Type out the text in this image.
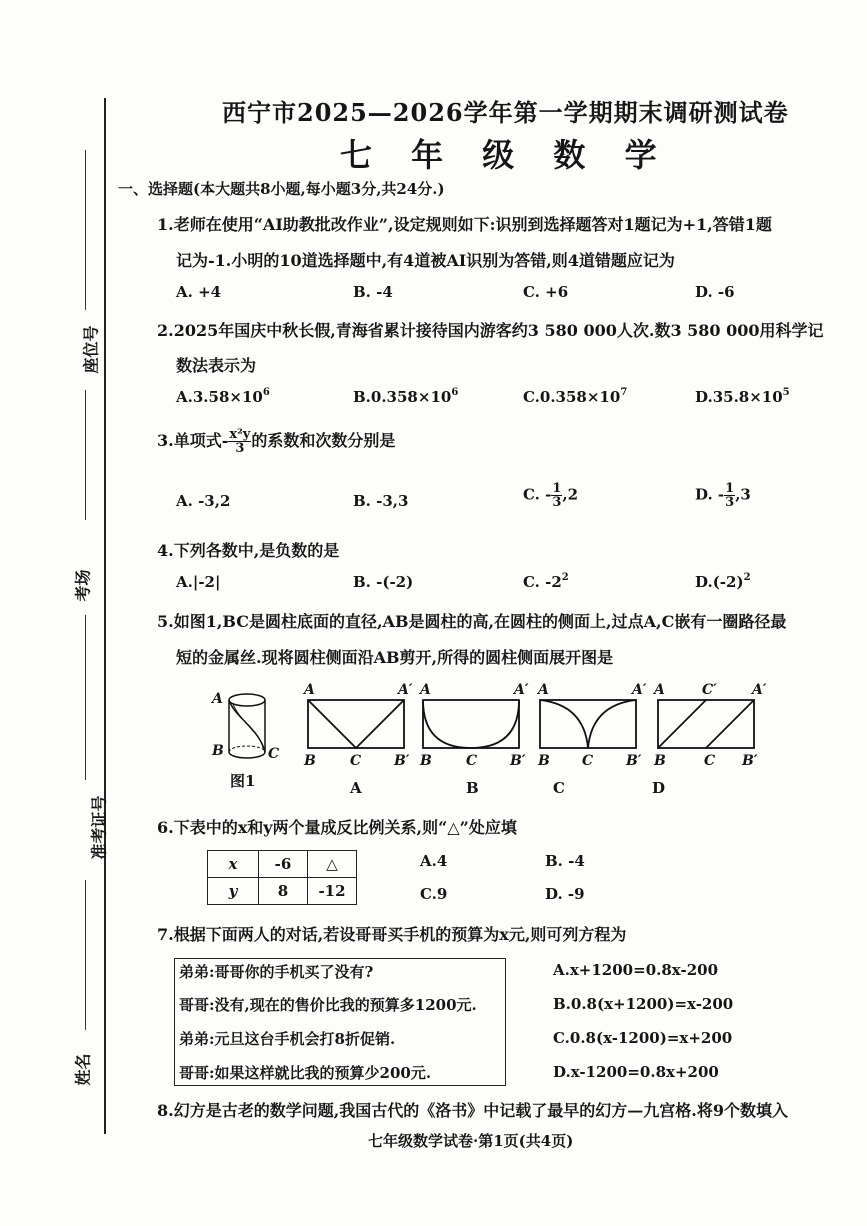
座位号
考场
准考证号
姓名
西宁市2025—2026学年第一学期期末调研测试卷
七 年 级 数 学
一、选择题(本大题共8小题,每小题3分,共24分.)
1.老师在使用“AI助教批改作业”,设定规则如下:识别到选择题答对1题记为+1,答错1题
记为-1.小明的10道选择题中,有4道被AI识别为答错,则4道错题应记为
A. +4	B. -4	C. +6	D. -6
2.2025年国庆中秋长假,青海省累计接待国内游客约3 580 000人次.数3 580 000用科学记
数法表示为
$A.3.58\times 10^6$	$B.0.358\times 10^6$	$C.0.358\times 10^7$	$D.35.8\times 10^5$
3.单项式- $\frac{\text{x²y}}{3}$ 的系数和次数分别是
A. -3,2	B. -3,3	C. - $\frac{1}{3} ,2$	D. - $\frac{1}{3} ,3$
4.下列各数中,是负数的是
A.|-2|	B. -(-2)	C. $-2^2$	$D.(-2)^2$
5.如图1,BC是圆柱底面的直径,AB是圆柱的高,在圆柱的侧面上,过点A,C嵌有一圈路径最
短的金属丝.现将圆柱侧面沿AB剪开,所得的圆柱侧面展开图是
A
B	C
图1
A	A′
B C B′
A	A′
B C B′
A	A′
B C B′
A	C′	A′
B	C B′
A	B	C	D
6.下表中的x和y两个量成反比例关系,则“△”处应填
x	-6	△
y	8	-12
A.4	B. -4
C.9	D. -9
7.根据下面两人的对话,若设哥哥买手机的预算为x元,则可列方程为
弟弟:哥哥你的手机买了没有?
哥哥:没有,现在的售价比我的预算多1200元.
弟弟:元旦这台手机会打8折促销.
哥哥:如果这样就比我的预算少200元.
A.x+1200=0.8x-200
B.0.8(x+1200)=x-200
C.0.8(x-1200)=x+200
D.x-1200=0.8x+200
8.幻方是古老的数学问题,我国古代的《洛书》中记载了最早的幻方—九宫格.将9个数填入
七年级数学试卷·第1页(共4页)
